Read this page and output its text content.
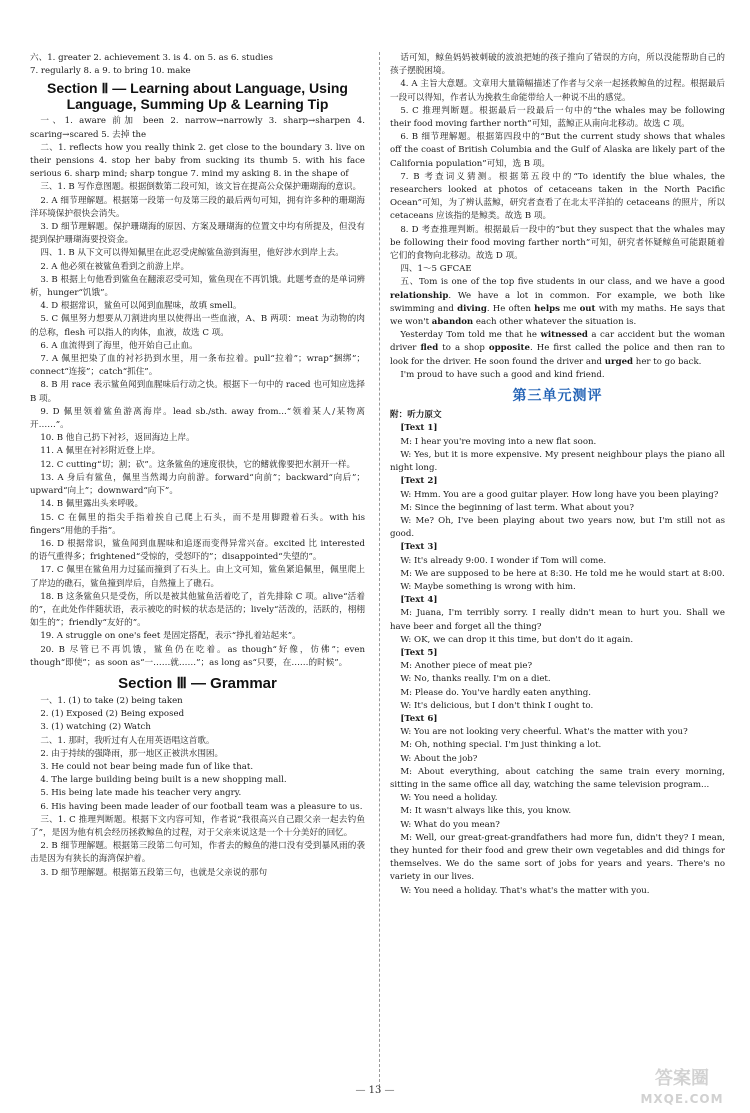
六、1. greater 2. achievement 3. is 4. on 5. as 6. studies

7. regularly 8. a 9. to bring 10. make

Section Ⅱ — Learning about Language, Using Language, Summing Up & Learning Tip

一、1. aware 前加 been 2. narrow→narrowly 3. sharp→sharpen 4. scaring→scared 5. 去掉 the

二、1. reflects how you really think 2. get close to the boundary 3. live on their pensions 4. stop her baby from sucking its thumb 5. with his face serious 6. sharp mind; sharp tongue 7. mind my asking 8. in the shape of

三、1. B 写作意图题。根据倒数第二段可知，该文旨在提高公众保护珊瑚海的意识。

2. A 细节理解题。根据第一段第一句及第三段的最后两句可知，拥有许多种的珊瑚海洋环境保护很快会消失。

3. D 细节理解题。保护珊瑚海的原因、方案及珊瑚海的位置文中均有所提及，但没有提到保护珊瑚海要投资金。

四、1. B 从下文可以得知佩里在此忍受虎鲸鲨鱼游到海里，他好涉水到岸上去。

2. A 他必须在被鲨鱼看到之前游上岸。

3. B 根据上句他看到鲨鱼在翻滚忍受可知，鲨鱼现在不再饥饿。此题考查的是单词辨析，hunger“饥饿”。

4. D 根据常识，鲨鱼可以闻到血腥味，故填 smell。

5. C 佩里努力想要从刀割进肉里以使得出一些血液，A、B 两项：meat 为动物的肉的总称，flesh 可以指人的肉体，血液，故选 C 项。

6. A 血流得到了海里，他开始自己止血。

7. A 佩里把染了血的衬衫扔到水里，用一条布拉着。pull“拉着”；wrap“捆绑”；connect“连接”；catch“抓住”。

8. B 用 race 表示鲨鱼闻到血腥味后行动之快。根据下一句中的 raced 也可知应选择 B 项。

9. D 佩里领着鲨鱼游离海岸。lead sb./sth. away from...“领着某人/某物离开……”。

10. B 他自己扔下衬衫，返回海边上岸。

11. A 佩里在衬衫附近登上岸。

12. C cutting“切；割；砍”。这条鲨鱼的速度很快，它的鳍就像要把水割开一样。

13. A 身后有鲨鱼，佩里当然竭力向前游。forward“向前”；backward“向后”；upward“向上”；downward“向下”。

14. B 佩里露出头来呼吸。

15. C 在佩里的指尖手指着挨自己爬上石头，而不是用脚蹬着石头。with his fingers“用他的手指”。

16. D 根据常识，鲨鱼闻到血腥味和追逐而变得异常兴奋。excited 比 interested 的语气重得多；frightened“受惊的，受怒吓的”；disappointed“失望的”。

17. C 佩里在鲨鱼用力过猛而撞到了石头上。由上文可知，鲨鱼紧追佩里，佩里爬上了岸边的礁石，鲨鱼撞到岸后，自然撞上了礁石。

18. B 这条鲨鱼只是受伤，所以是被其他鲨鱼活着吃了，首先排除 C 项。alive“活着的”，在此处作伴随状语，表示被吃的时候的状态是活的；lively“活泼的，活跃的，栩栩如生的”；friendly“友好的”。

19. A struggle on one's feet 是固定搭配，表示“挣扎着站起来”。

20. B 尽管已不再饥饿，鲨鱼仍在吃着。as though“好像，仿佛”；even though“即使”；as soon as“一……就……”；as long as“只要，在……的时候”。

Section Ⅲ — Grammar

一、1. (1) to take (2) being taken

2. (1) Exposed (2) Being exposed

3. (1) watching (2) Watch

二、1. 那时，我听过有人在用英语唱这首歌。

2. 由于持续的强降雨，那一地区正被洪水围困。

3. He could not bear being made fun of like that.

4. The large building being built is a new shopping mall.

5. His being late made his teacher very angry.

6. His having been made leader of our football team was a pleasure to us.

三、1. C 推理判断题。根据下文内容可知，作者说“我很高兴自己跟父亲一起去钓鱼了”，是因为他有机会经历拯救鲸鱼的过程，对于父亲来说这是一个十分美好的回忆。

2. B 细节理解题。根据第三段第二句可知，作者去的鲸鱼的港口没有受到暴风雨的袭击是因为有狭长的海湾保护着。

3. D 细节理解题。根据第五段第三句，也就是父亲说的那句

话可知，鲸鱼妈妈被刺破的波浪把她的孩子推向了错误的方向，所以没能帮助自己的孩子摆脱困境。

4. A 主旨大意题。文章用大量篇幅描述了作者与父亲一起拯救鲸鱼的过程。根据最后一段可以得知，作者认为挽救生命能带给人一种说不出的感觉。

5. C 推理判断题。根据最后一段最后一句中的“the whales may be following their food moving farther north”可知，蓝鲸正从南向北移动。故选 C 项。

6. B 细节理解题。根据第四段中的“But the current study shows that whales off the coast of British Columbia and the Gulf of Alaska are likely part of the California population”可知，选 B 项。

7. B 考查词义猜测。根据第五段中的“To identify the blue whales, the researchers looked at photos of cetaceans taken in the North Pacific Ocean”可知，为了辨认蓝鲸，研究者查看了在北太平洋拍的 cetaceans 的照片，所以 cetaceans 应该指的是鲸类。故选 B 项。

8. D 考查推理判断。根据最后一段中的“but they suspect that the whales may be following their food moving farther north”可知，研究者怀疑鲸鱼可能跟随着它们的食物向北移动。故选 D 项。

四、1～5 GFCAE

五、Tom is one of the top five students in our class, and we have a good relationship. We have a lot in common. For example, we both like swimming and diving. He often helps me out with my maths. He says that we won't abandon each other whatever the situation is.

Yesterday Tom told me that he witnessed a car accident but the woman driver fled to a shop opposite. He first called the police and then ran to look for the driver. He soon found the driver and urged her to go back.

I'm proud to have such a good and kind friend.

第三单元测评

附：听力原文

[Text 1]

M: I hear you're moving into a new flat soon.

W: Yes, but it is more expensive. My present neighbour plays the piano all night long.

[Text 2]

W: Hmm. You are a good guitar player. How long have you been playing?

M: Since the beginning of last term. What about you?

W: Me? Oh, I've been playing about two years now, but I'm still not as good.

[Text 3]

W: It's already 9:00. I wonder if Tom will come.

M: We are supposed to be here at 8:30. He told me he would start at 8:00.

W: Maybe something is wrong with him.

[Text 4]

M: Juana, I'm terribly sorry. I really didn't mean to hurt you. Shall we have beer and forget all the thing?

W: OK, we can drop it this time, but don't do it again.

[Text 5]

M: Another piece of meat pie?

W: No, thanks really. I'm on a diet.

M: Please do. You've hardly eaten anything.

W: It's delicious, but I don't think I ought to.

[Text 6]

W: You are not looking very cheerful. What's the matter with you?

M: Oh, nothing special. I'm just thinking a lot.

W: About the job?

M: About everything, about catching the same train every morning, sitting in the same office all day, watching the same television program...

W: You need a holiday.

M: It wasn't always like this, you know.

W: What do you mean?

M: Well, our great-great-grandfathers had more fun, didn't they? I mean, they hunted for their food and grew their own vegetables and did things for themselves. We do the same sort of jobs for years and years. There's no variety in our lives.

W: You need a holiday. That's what's the matter with you.

— 13 —
答案圈
MXQE.COM
